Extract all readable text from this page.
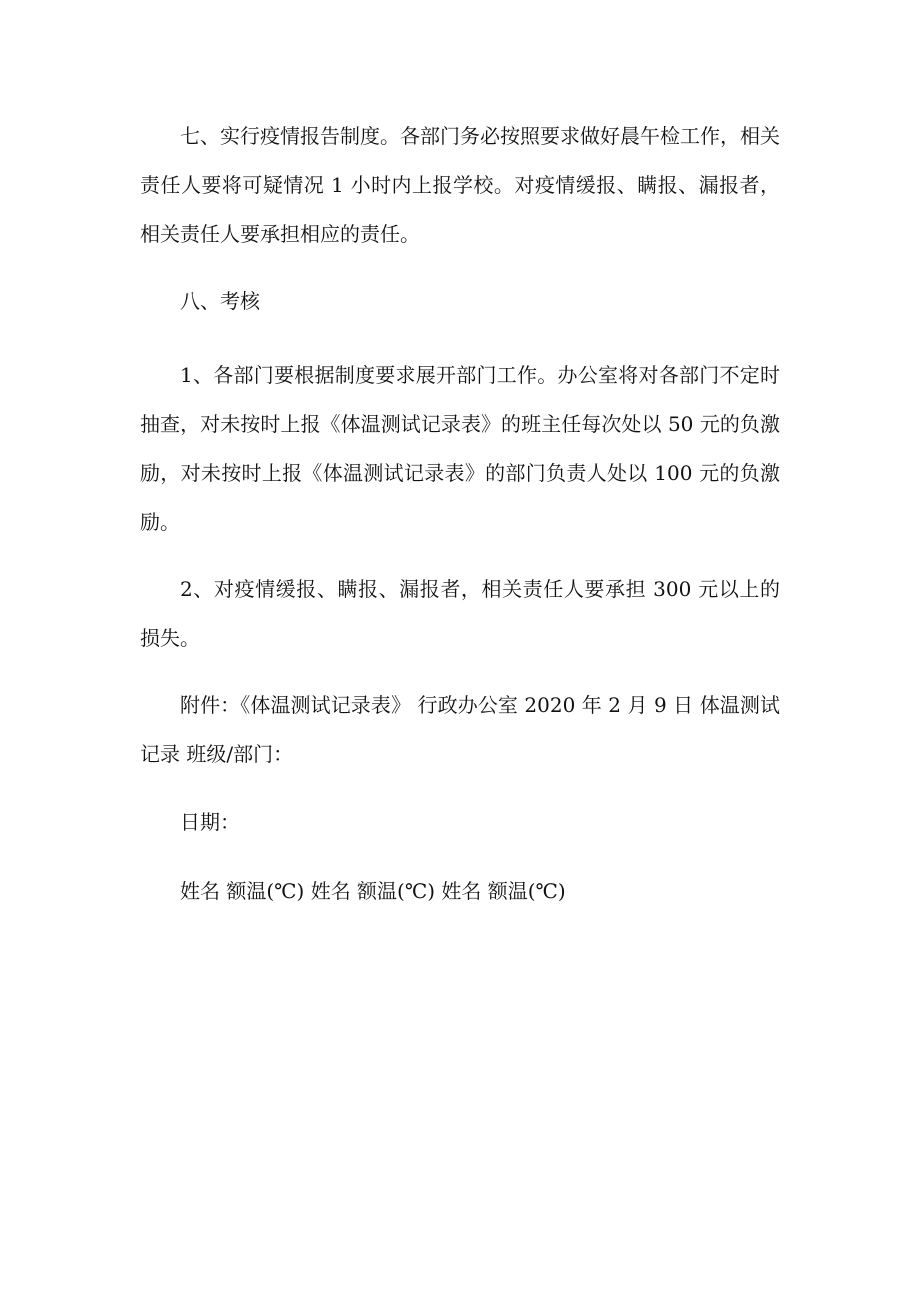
七、实行疫情报告制度。各部门务必按照要求做好晨午检工作，相关责任人要将可疑情况 1 小时内上报学校。对疫情缓报、瞒报、漏报者，相关责任人要承担相应的责任。

八、考核

1、各部门要根据制度要求展开部门工作。办公室将对各部门不定时抽查，对未按时上报《体温测试记录表》的班主任每次处以 50 元的负激励，对未按时上报《体温测试记录表》的部门负责人处以 100 元的负激励。

2、对疫情缓报、瞒报、漏报者，相关责任人要承担 300 元以上的损失。

附件：《体温测试记录表》 行政办公室 2020 年 2 月 9 日 体温测试记录 班级/部门：

日期：

姓名 额温(℃) 姓名 额温(℃) 姓名 额温(℃)
